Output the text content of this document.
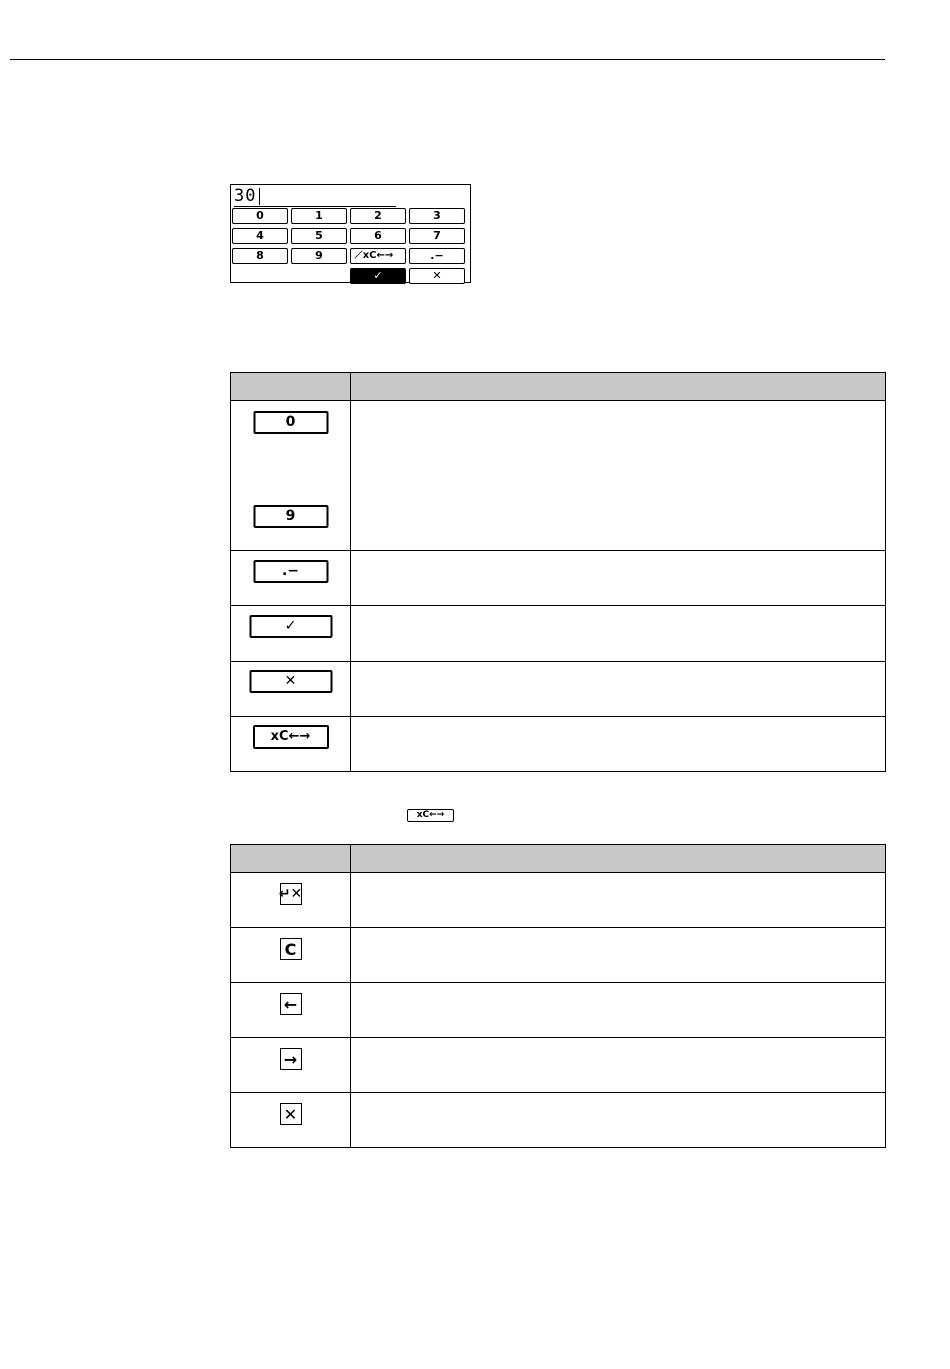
30
0	1	2	3
4	5	6	7
8	9	̸xC←→	.−
✓	✕

0
9	

.−	

✓	

✕	

xC←→	

xC←→

↵✕	

C	

←	

→	

✕	
